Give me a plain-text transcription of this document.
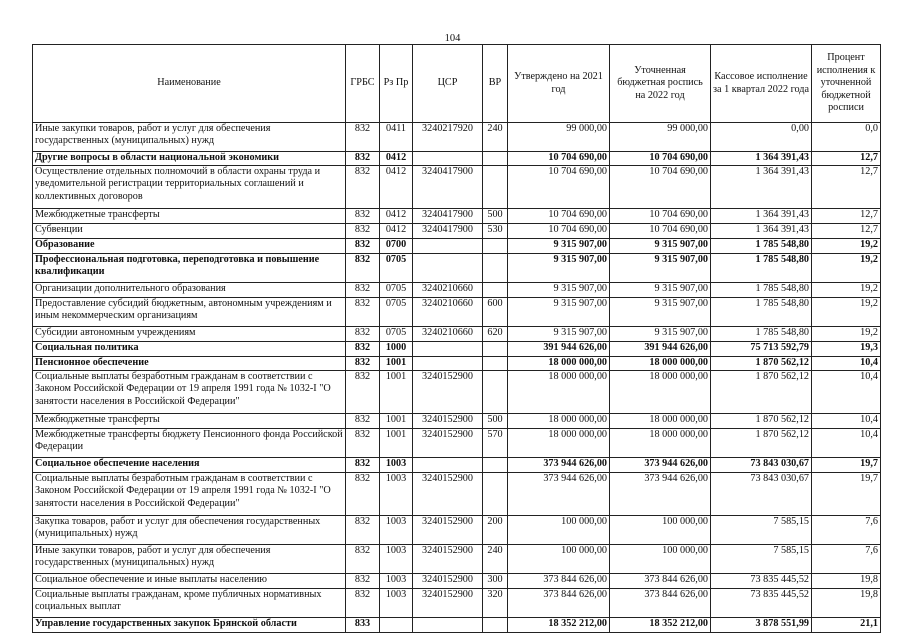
104
Наименование	ГРБС	Рз Пр	ЦСР	ВР	Утверждено на 2021 год	Уточненная бюджетная роспись на 2022 год	Кассовое исполнение за 1 квартал 2022 года	Процент исполнения к уточненной бюджетной росписи
Иные закупки товаров, работ и услуг для обеспечения государственных (муниципальных) нужд	832	0411	3240217920	240	99 000,00	99 000,00	0,00	0,0
Другие вопросы в области национальной экономики	832	0412			10 704 690,00	10 704 690,00	1 364 391,43	12,7
Осуществление отдельных полномочий в области охраны труда и уведомительной регистрации территориальных соглашений и коллективных договоров	832	0412	3240417900		10 704 690,00	10 704 690,00	1 364 391,43	12,7
Межбюджетные трансферты	832	0412	3240417900	500	10 704 690,00	10 704 690,00	1 364 391,43	12,7
Субвенции	832	0412	3240417900	530	10 704 690,00	10 704 690,00	1 364 391,43	12,7
Образование	832	0700			9 315 907,00	9 315 907,00	1 785 548,80	19,2
Профессиональная подготовка, переподготовка и повышение квалификации	832	0705			9 315 907,00	9 315 907,00	1 785 548,80	19,2
Организации дополнительного образования	832	0705	3240210660		9 315 907,00	9 315 907,00	1 785 548,80	19,2
Предоставление субсидий бюджетным, автономным учреждениям и иным некоммерческим организациям	832	0705	3240210660	600	9 315 907,00	9 315 907,00	1 785 548,80	19,2
Субсидии автономным учреждениям	832	0705	3240210660	620	9 315 907,00	9 315 907,00	1 785 548,80	19,2
Социальная политика	832	1000			391 944 626,00	391 944 626,00	75 713 592,79	19,3
Пенсионное обеспечение	832	1001			18 000 000,00	18 000 000,00	1 870 562,12	10,4
Социальные выплаты безработным гражданам в соответствии с Законом Российской Федерации от 19 апреля 1991 года № 1032-I "О занятости населения в Российской Федерации"	832	1001	3240152900		18 000 000,00	18 000 000,00	1 870 562,12	10,4
Межбюджетные трансферты	832	1001	3240152900	500	18 000 000,00	18 000 000,00	1 870 562,12	10,4
Межбюджетные трансферты бюджету Пенсионного фонда Российской Федерации	832	1001	3240152900	570	18 000 000,00	18 000 000,00	1 870 562,12	10,4
Социальное обеспечение населения	832	1003			373 944 626,00	373 944 626,00	73 843 030,67	19,7
Социальные выплаты безработным гражданам в соответствии с Законом Российской Федерации от 19 апреля 1991 года № 1032-I "О занятости населения в Российской Федерации"	832	1003	3240152900		373 944 626,00	373 944 626,00	73 843 030,67	19,7
Закупка товаров, работ и услуг для обеспечения государственных (муниципальных) нужд	832	1003	3240152900	200	100 000,00	100 000,00	7 585,15	7,6
Иные закупки товаров, работ и услуг для обеспечения государственных (муниципальных) нужд	832	1003	3240152900	240	100 000,00	100 000,00	7 585,15	7,6
Социальное обеспечение и иные выплаты населению	832	1003	3240152900	300	373 844 626,00	373 844 626,00	73 835 445,52	19,8
Социальные выплаты гражданам, кроме публичных нормативных социальных выплат	832	1003	3240152900	320	373 844 626,00	373 844 626,00	73 835 445,52	19,8
Управление государственных закупок Брянской области	833				18 352 212,00	18 352 212,00	3 878 551,99	21,1
